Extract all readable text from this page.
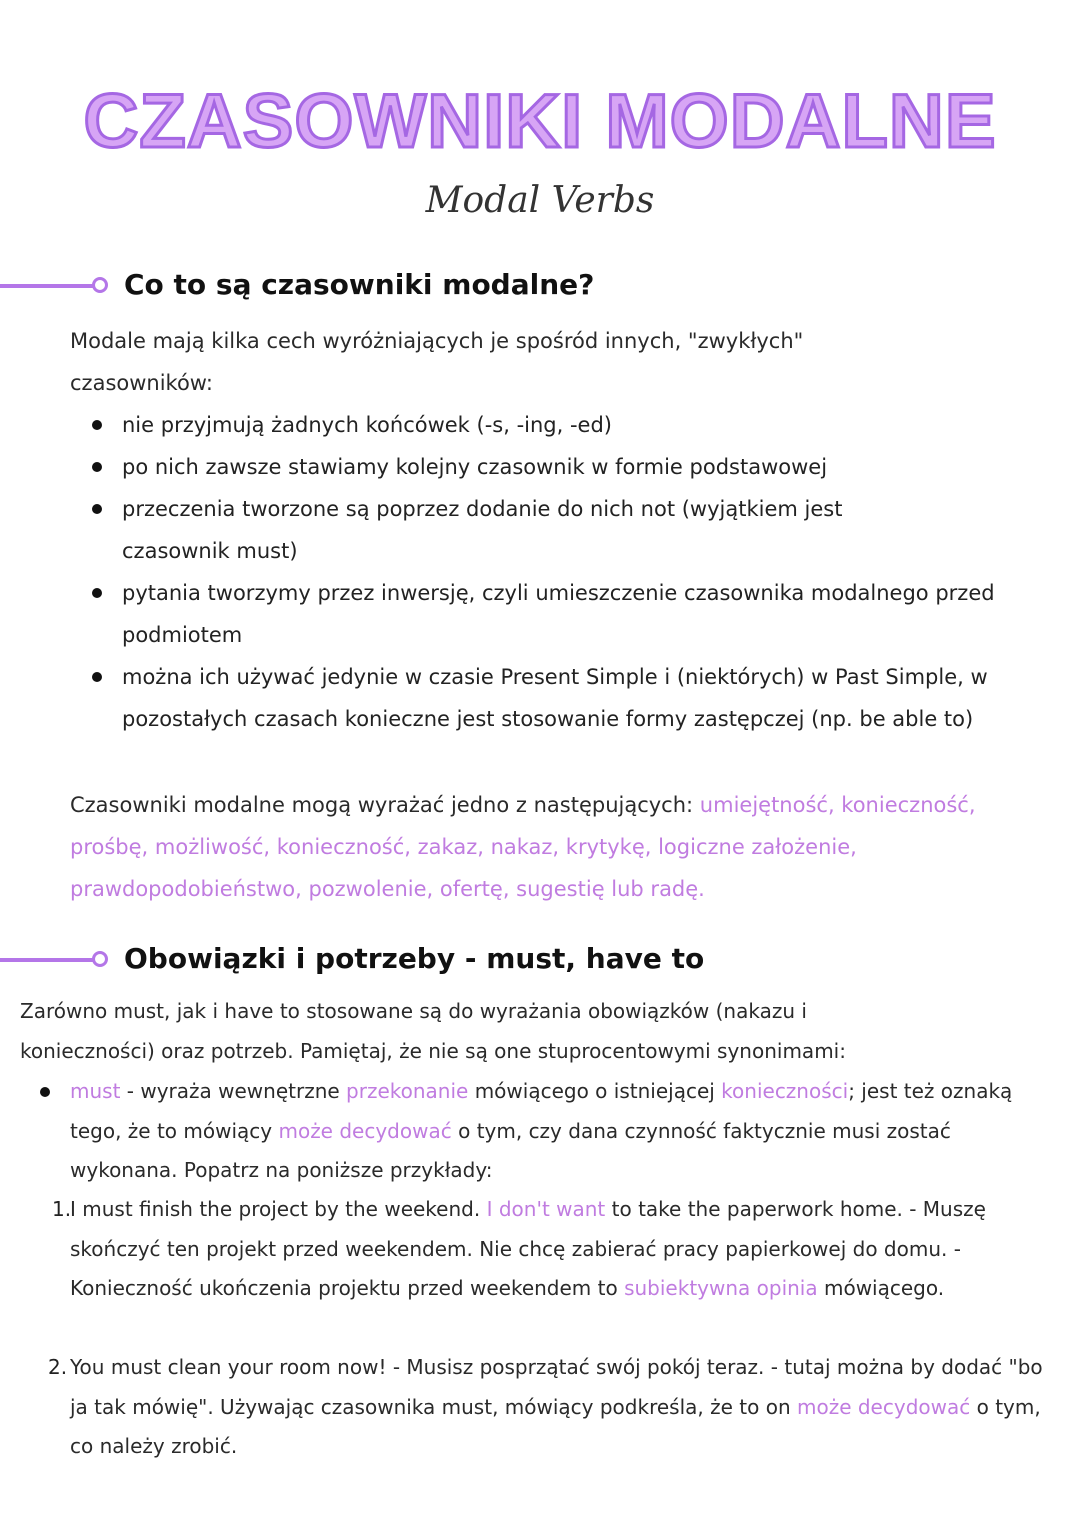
CZASOWNIKI MODALNE
Modal Verbs
Co to są czasowniki modalne?

Modale mają kilka cech wyróżniających je spośród innych, "zwykłych" czasowników:

nie przyjmują żadnych końcówek (-s, -ing, -ed)
po nich zawsze stawiamy kolejny czasownik w formie podstawowej
przeczenia tworzone są poprzez dodanie do nich not (wyjątkiem jest czasownik must)
pytania tworzymy przez inwersję, czyli umieszczenie czasownika modalnego przed podmiotem
można ich używać jedynie w czasie Present Simple i (niektórych) w Past Simple, w pozostałych czasach konieczne jest stosowanie formy zastępczej (np. be able to)

Czasowniki modalne mogą wyrażać jedno z następujących: umiejętność, konieczność, prośbę, możliwość, konieczność, zakaz, nakaz, krytykę, logiczne założenie, prawdopodobieństwo, pozwolenie, ofertę, sugestię lub radę.

Obowiązki i potrzeby - must, have to

Zarówno must, jak i have to stosowane są do wyrażania obowiązków (nakazu i konieczności) oraz potrzeb. Pamiętaj, że nie są one stuprocentowymi synonimami:

must - wyraża wewnętrzne przekonanie mówiącego o istniejącej konieczności; jest też oznaką tego, że to mówiący może decydować o tym, czy dana czynność faktycznie musi zostać wykonana. Popatrz na poniższe przykłady:

1.

I must finish the project by the weekend. I don't want to take the paperwork home. - Muszę skończyć ten projekt przed weekendem. Nie chcę zabierać pracy papierkowej do domu. - Konieczność ukończenia projektu przed weekendem to subiektywna opinia mówiącego.

2. You must clean your room now! - Musisz posprzątać swój pokój teraz. - tutaj można by dodać "bo ja tak mówię". Używając czasownika must, mówiący podkreśla, że to on może decydować o tym, co należy zrobić.
